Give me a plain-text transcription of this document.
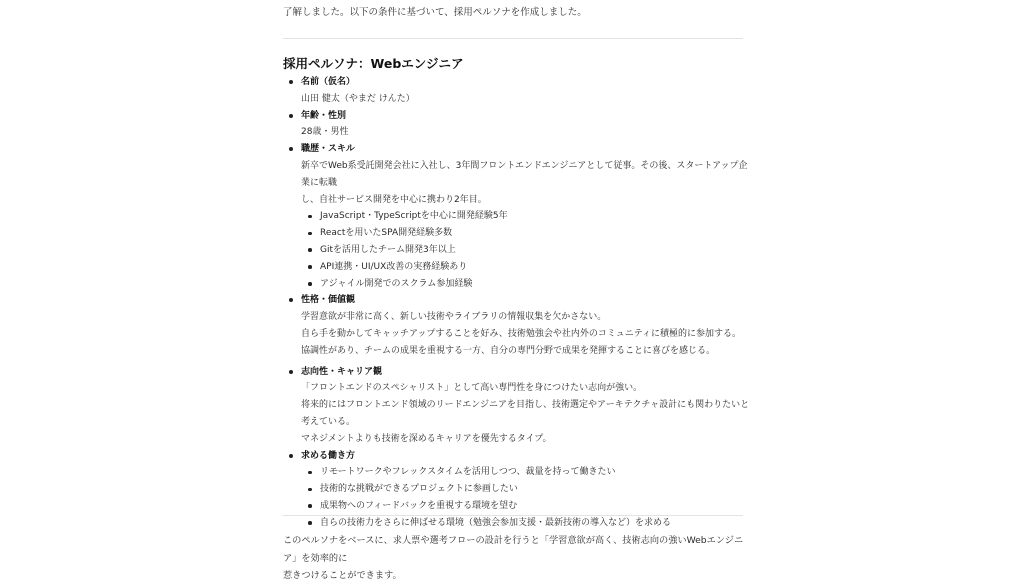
了解しました。以下の条件に基づいて、採用ペルソナを作成しました。
採用ペルソナ：Webエンジニア
名前（仮名）
山田 健太（やまだ けんた）
年齢・性別
28歳・男性
職歴・スキル
新卒でWeb系受託開発会社に入社し、3年間フロントエンドエンジニアとして従事。その後、スタートアップ企業に転職
し、自社サービス開発を中心に携わり2年目。
JavaScript・TypeScriptを中心に開発経験5年
Reactを用いたSPA開発経験多数
Gitを活用したチーム開発3年以上
API連携・UI/UX改善の実務経験あり
アジャイル開発でのスクラム参加経験
性格・価値観
学習意欲が非常に高く、新しい技術やライブラリの情報収集を欠かさない。
自ら手を動かしてキャッチアップすることを好み、技術勉強会や社内外のコミュニティに積極的に参加する。
協調性があり、チームの成果を重視する一方、自分の専門分野で成果を発揮することに喜びを感じる。
志向性・キャリア観
「フロントエンドのスペシャリスト」として高い専門性を身につけたい志向が強い。
将来的にはフロントエンド領域のリードエンジニアを目指し、技術選定やアーキテクチャ設計にも関わりたいと考えている。
マネジメントよりも技術を深めるキャリアを優先するタイプ。
求める働き方
リモートワークやフレックスタイムを活用しつつ、裁量を持って働きたい
技術的な挑戦ができるプロジェクトに参画したい
成果物へのフィードバックを重視する環境を望む
自らの技術力をさらに伸ばせる環境（勉強会参加支援・最新技術の導入など）を求める
このペルソナをベースに、求人票や選考フローの設計を行うと「学習意欲が高く、技術志向の強いWebエンジニア」を効率的に
惹きつけることができます。
